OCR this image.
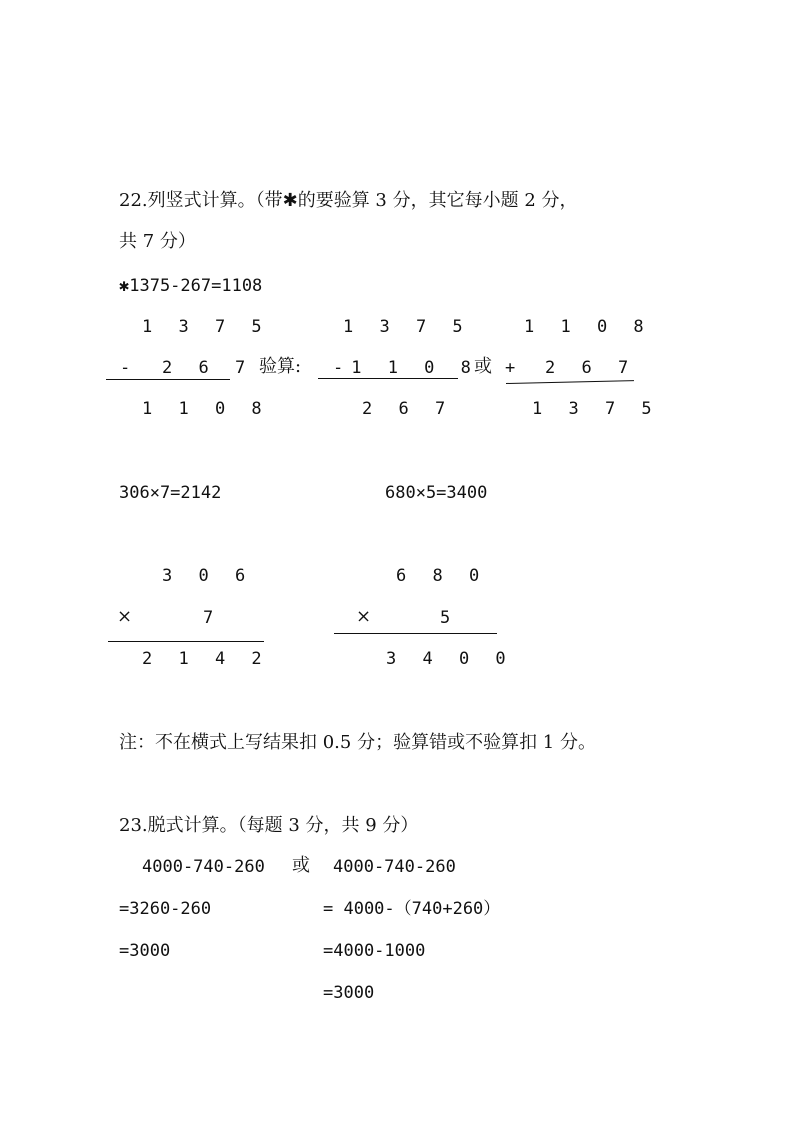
22.列竖式计算。（带✱的要验算 3 分，其它每小题 2 分，
共 7 分）
✱1375-267=1108
1 3 7 5
- 2 6 7
1 1 0 8
验算:
1 3 7 5
-1 1 0 8
2 6 7
或
1 1 0 8
+ 2 6 7
1 3 7 5
306×7=2142	680×5=3400
3 0 6
×	7
2 1 4 2
6 8 0
×	5
3 4 0 0
注：不在横式上写结果扣 0.5 分；验算错或不验算扣 1 分。
23.脱式计算。（每题 3 分，共 9 分）
4000-740-260 或 4000-740-260
=3260-260	= 4000-（740+260）
=3000	=4000-1000
=3000
